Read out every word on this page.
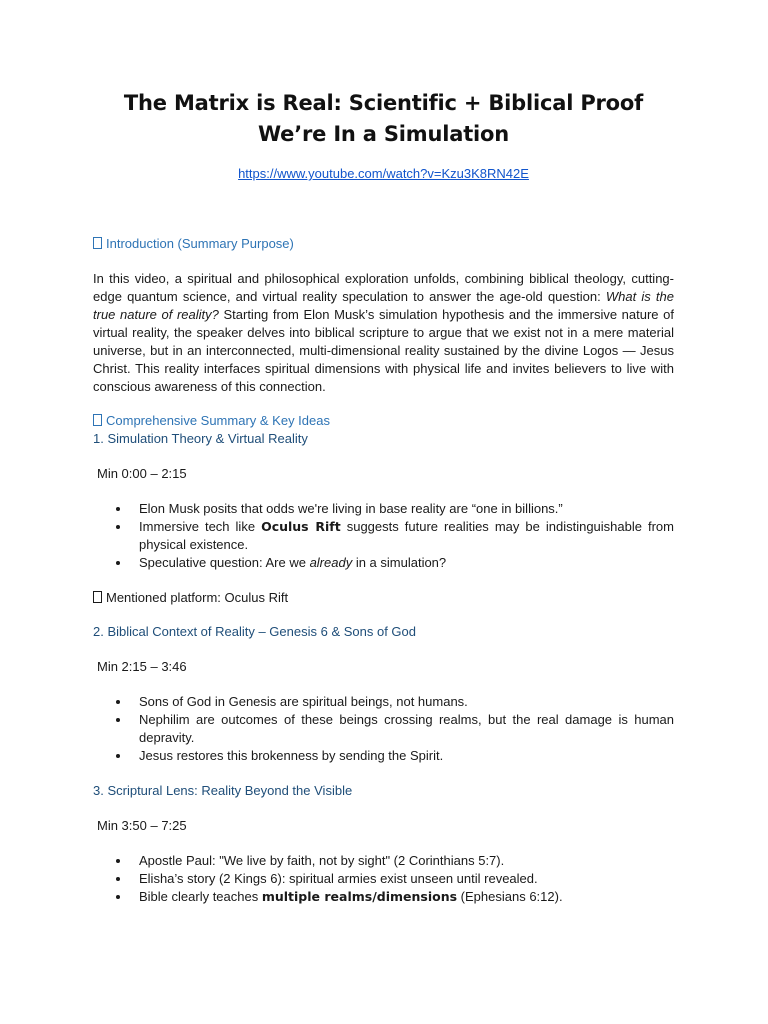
The Matrix is Real: Scientific + Biblical Proof We’re In a Simulation
https://www.youtube.com/watch?v=Kzu3K8RN42E

Introduction (Summary Purpose)

In this video, a spiritual and philosophical exploration unfolds, combining biblical theology, cutting-edge quantum science, and virtual reality speculation to answer the age-old question: What is the true nature of reality? Starting from Elon Musk’s simulation hypothesis and the immersive nature of virtual reality, the speaker delves into biblical scripture to argue that we exist not in a mere material universe, but in an interconnected, multi-dimensional reality sustained by the divine Logos — Jesus Christ. This reality interfaces spiritual dimensions with physical life and invites believers to live with conscious awareness of this connection.

Comprehensive Summary & Key Ideas

1. Simulation Theory & Virtual Reality

Min 0:00 – 2:15

Elon Musk posits that odds we're living in base reality are “one in billions.”
Immersive tech like Oculus Rift suggests future realities may be indistinguishable from physical existence.
Speculative question: Are we already in a simulation?

Mentioned platform: Oculus Rift

2. Biblical Context of Reality – Genesis 6 & Sons of God

Min 2:15 – 3:46

Sons of God in Genesis are spiritual beings, not humans.
Nephilim are outcomes of these beings crossing realms, but the real damage is human depravity.
Jesus restores this brokenness by sending the Spirit.

3. Scriptural Lens: Reality Beyond the Visible

Min 3:50 – 7:25

Apostle Paul: "We live by faith, not by sight" (2 Corinthians 5:7).
Elisha’s story (2 Kings 6): spiritual armies exist unseen until revealed.
Bible clearly teaches multiple realms/dimensions (Ephesians 6:12).
